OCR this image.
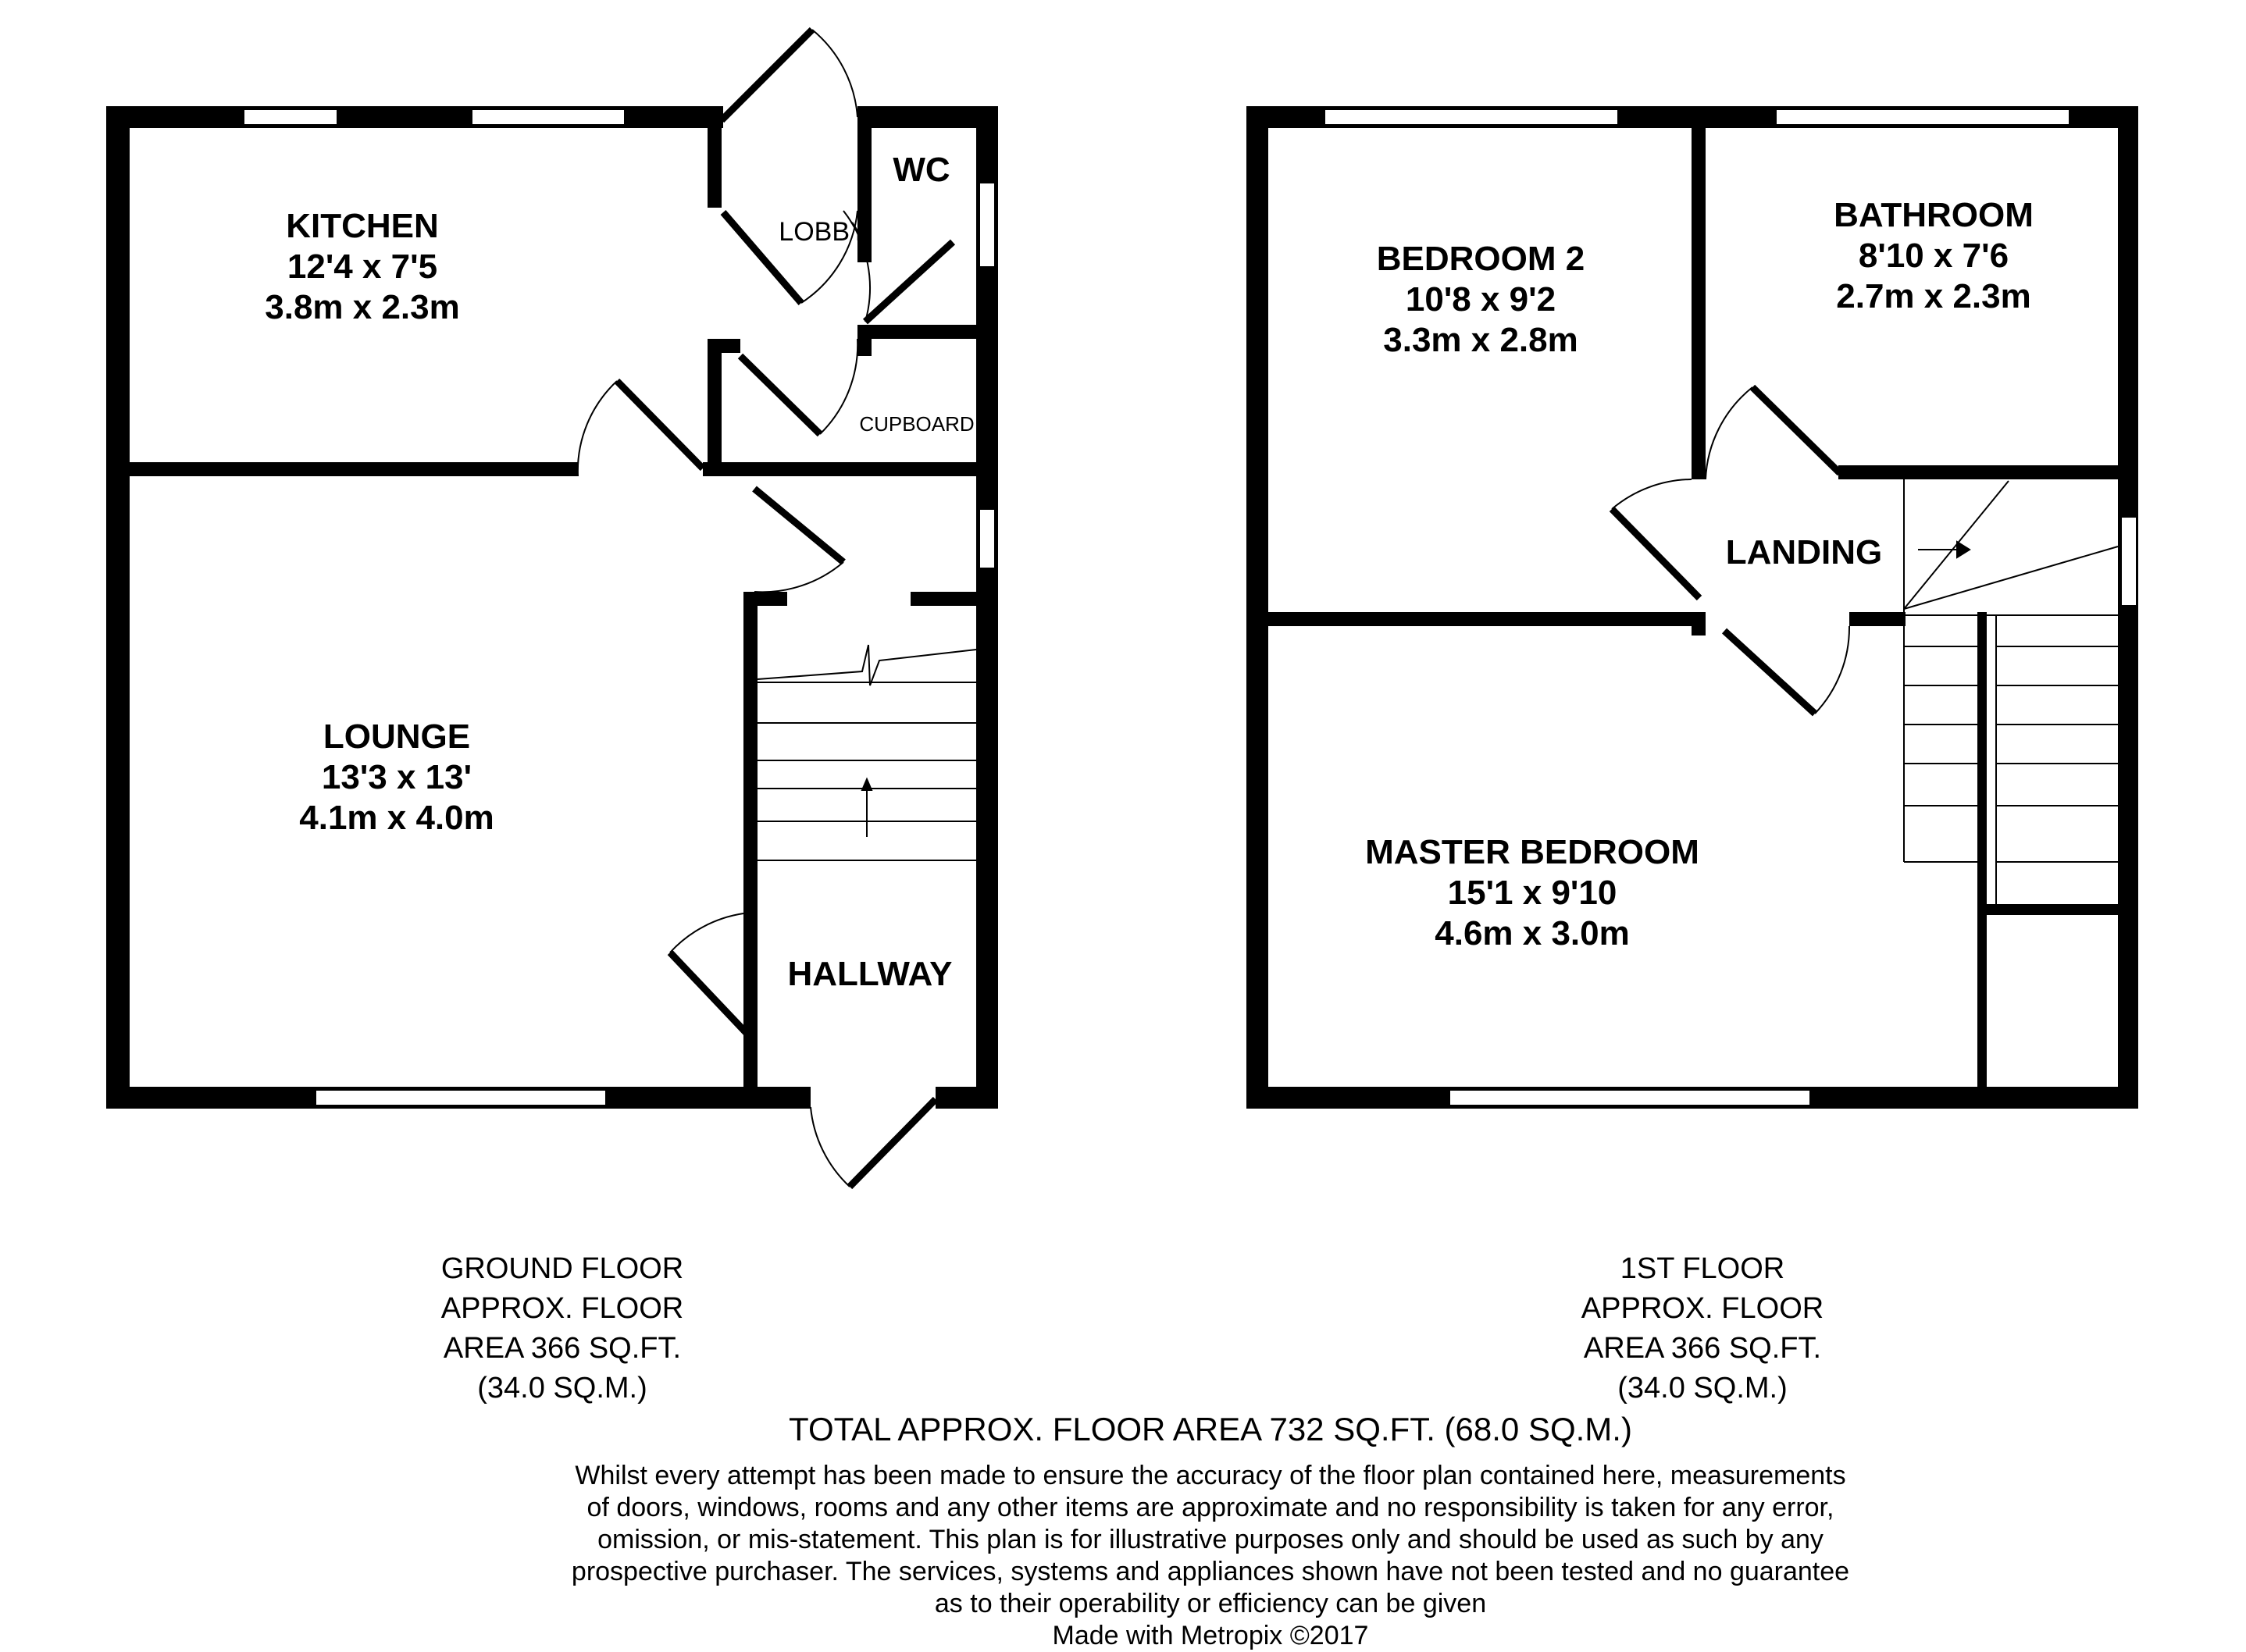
KITCHEN
12'4 x 7'5
3.8m x 2.3m
LOBBY
WC
CUPBOARD
LOUNGE
13'3 x 13'
4.1m x 4.0m
HALLWAY
BEDROOM 2
10'8 x 9'2
3.3m x 2.8m
BATHROOM
8'10 x 7'6
2.7m x 2.3m
LANDING
MASTER BEDROOM
15'1 x 9'10
4.6m x 3.0m
GROUND FLOOR
APPROX. FLOOR
AREA 366 SQ.FT.
(34.0 SQ.M.)
1ST FLOOR
APPROX. FLOOR
AREA 366 SQ.FT.
(34.0 SQ.M.)
TOTAL APPROX. FLOOR AREA 732 SQ.FT. (68.0 SQ.M.)
Whilst every attempt has been made to ensure the accuracy of the floor plan contained here, measurements
of doors, windows, rooms and any other items are approximate and no responsibility is taken for any error,
omission, or mis-statement. This plan is for illustrative purposes only and should be used as such by any
prospective purchaser. The services, systems and appliances shown have not been tested and no guarantee
as to their operability or efficiency can be given
Made with Metropix ©2017
